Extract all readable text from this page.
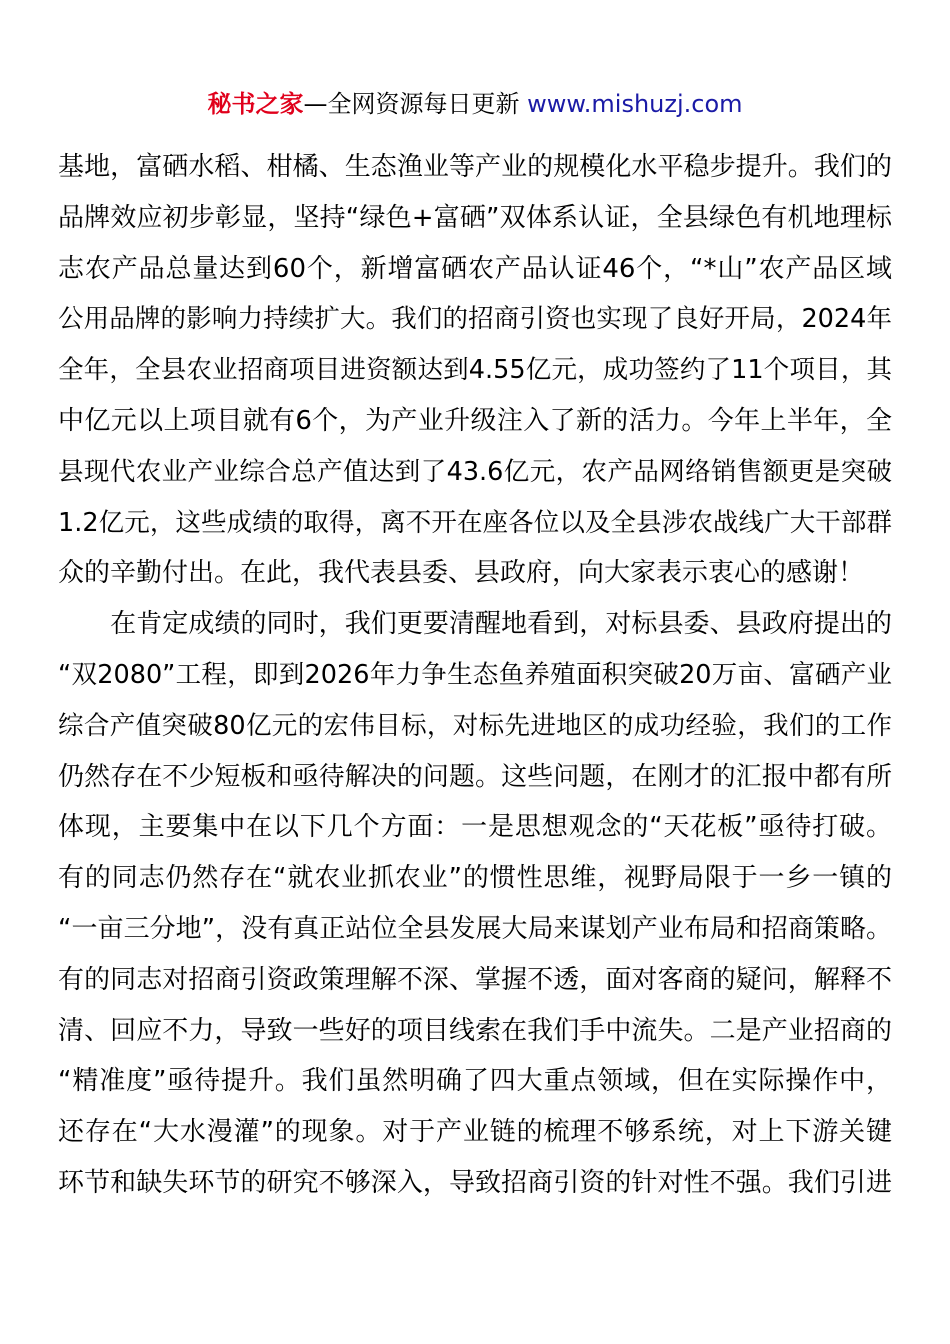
秘书之家—全网资源每日更新 www.mishuzj.com
基地，富硒水稻、柑橘、生态渔业等产业的规模化水平稳步提升。我们的
品牌效应初步彰显，坚持“绿色+富硒”双体系认证，全县绿色有机地理标
志农产品总量达到60个，新增富硒农产品认证46个，“*山”农产品区域
公用品牌的影响力持续扩大。我们的招商引资也实现了良好开局，2024年
全年，全县农业招商项目进资额达到4.55亿元，成功签约了11个项目，其
中亿元以上项目就有6个，为产业升级注入了新的活力。今年上半年，全
县现代农业产业综合总产值达到了43.6亿元，农产品网络销售额更是突破
1.2亿元，这些成绩的取得，离不开在座各位以及全县涉农战线广大干部群
众的辛勤付出。在此，我代表县委、县政府，向大家表示衷心的感谢！
　　在肯定成绩的同时，我们更要清醒地看到，对标县委、县政府提出的
“双2080”工程，即到2026年力争生态鱼养殖面积突破20万亩、富硒产业
综合产值突破80亿元的宏伟目标，对标先进地区的成功经验，我们的工作
仍然存在不少短板和亟待解决的问题。这些问题，在刚才的汇报中都有所
体现，主要集中在以下几个方面：一是思想观念的“天花板”亟待打破。
有的同志仍然存在“就农业抓农业”的惯性思维，视野局限于一乡一镇的
“一亩三分地”，没有真正站位全县发展大局来谋划产业布局和招商策略。
有的同志对招商引资政策理解不深、掌握不透，面对客商的疑问，解释不
清、回应不力，导致一些好的项目线索在我们手中流失。二是产业招商的
“精准度”亟待提升。我们虽然明确了四大重点领域，但在实际操作中，
还存在“大水漫灌”的现象。对于产业链的梳理不够系统，对上下游关键
环节和缺失环节的研究不够深入，导致招商引资的针对性不强。我们引进
